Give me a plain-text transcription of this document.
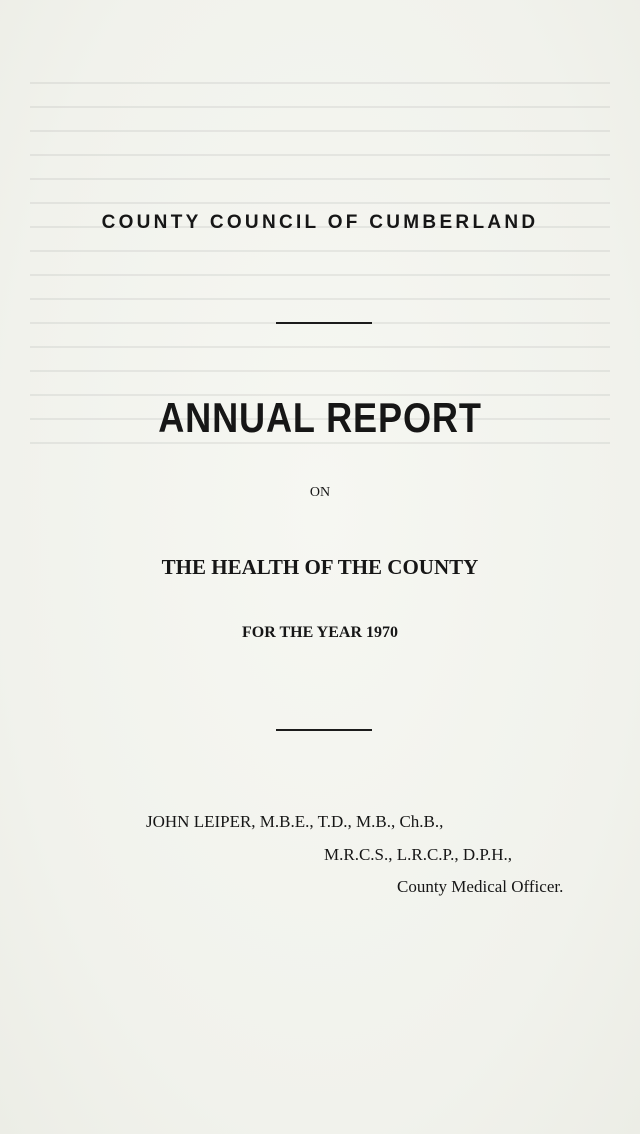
COUNTY COUNCIL OF CUMBERLAND
ANNUAL REPORT
ON
THE HEALTH OF THE COUNTY
FOR THE YEAR 1970
JOHN LEIPER, M.B.E., T.D., M.B., Ch.B.,
M.R.C.S., L.R.C.P., D.P.H.,
County Medical Officer.
